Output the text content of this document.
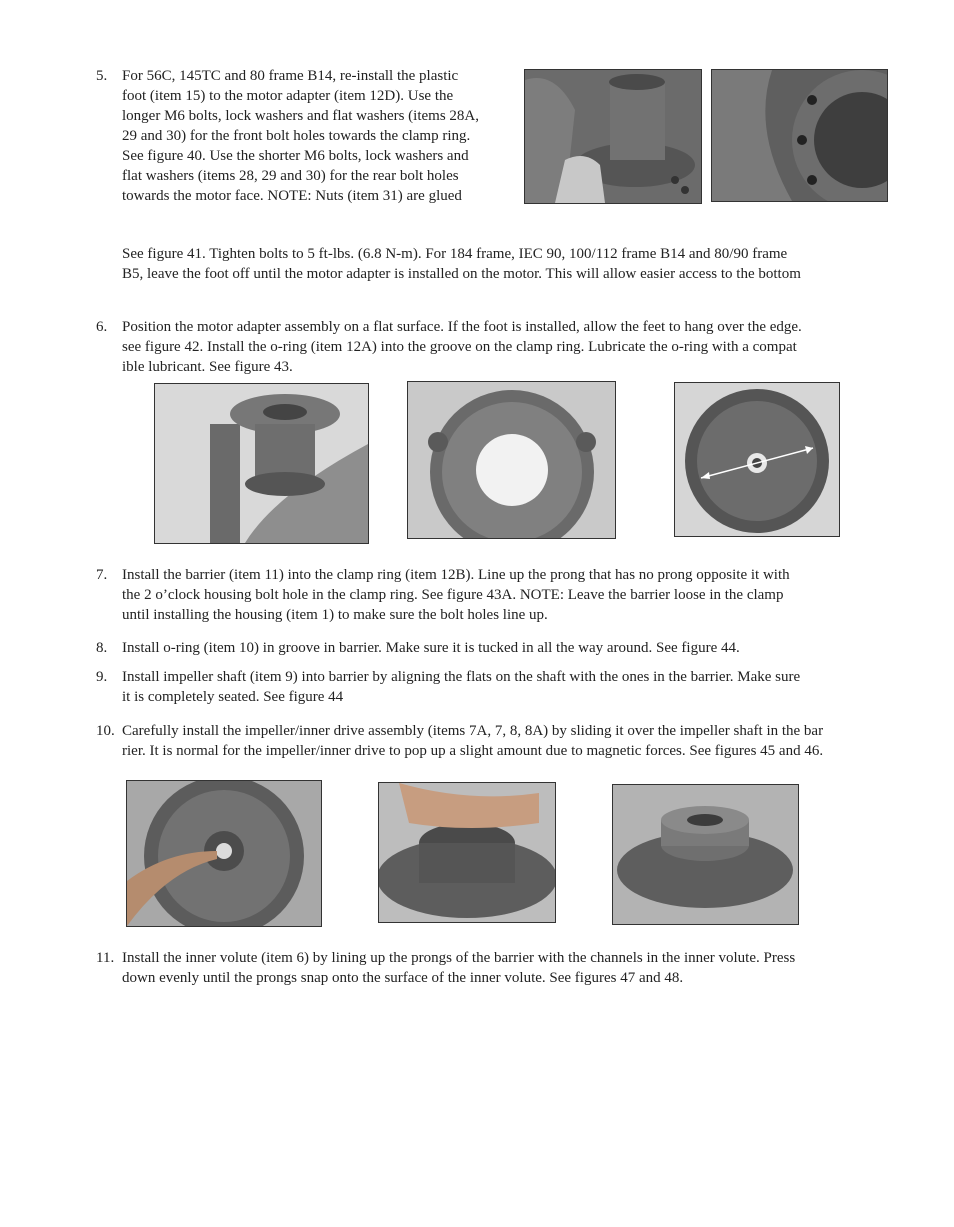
5. For 56C, 145TC and 80 frame B14, re-install the plastic
foot (item 15) to the motor adapter (item 12D). Use the
longer M6 bolts, lock washers and flat washers (items 28A,
29 and 30) for the front bolt holes towards the clamp ring.
See figure 40. Use the shorter M6 bolts, lock washers and
flat washers (items 28, 29 and 30) for the rear bolt holes
towards the motor face. NOTE: Nuts (item 31) are glued
See figure 41. Tighten bolts to 5 ft-lbs. (6.8 N-m). For 184 frame, IEC 90, 100/112 frame B14 and 80/90 frame
B5, leave the foot off until the motor adapter is installed on the motor. This will allow easier access to the bottom
6. Position the motor adapter assembly on a flat surface. If the foot is installed, allow the feet to hang over the edge.
see figure 42. Install the o-ring (item 12A) into the groove on the clamp ring. Lubricate the o-ring with a compat
ible lubricant. See figure 43.
7. Install the barrier (item 11) into the clamp ring (item 12B). Line up the prong that has no prong opposite it with
the 2 o’clock housing bolt hole in the clamp ring. See figure 43A. NOTE: Leave the barrier loose in the clamp
until installing the housing (item 1) to make sure the bolt holes line up.
8. Install o-ring (item 10) in groove in barrier. Make sure it is tucked in all the way around. See figure 44.
9. Install impeller shaft (item 9) into barrier by aligning the flats on the shaft with the ones in the barrier. Make sure
it is completely seated. See figure 44
10. Carefully install the impeller/inner drive assembly (items 7A, 7, 8, 8A) by sliding it over the impeller shaft in the bar
rier. It is normal for the impeller/inner drive to pop up a slight amount due to magnetic forces. See figures 45 and 46.
11. Install the inner volute (item 6) by lining up the prongs of the barrier with the channels in the inner volute. Press
down evenly until the prongs snap onto the surface of the inner volute. See figures 47 and 48.
